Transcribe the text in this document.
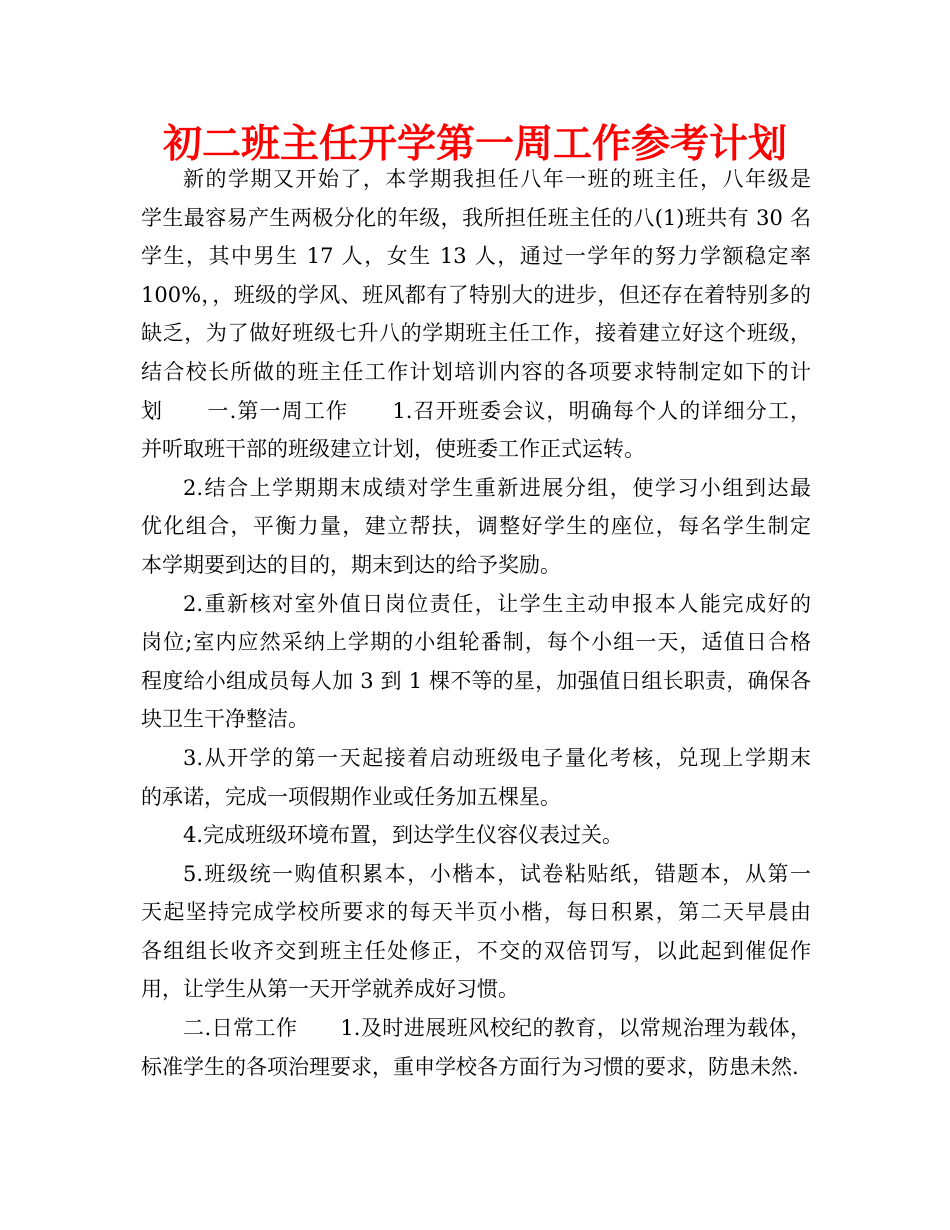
初二班主任开学第一周工作参考计划
新的学期又开始了，本学期我担任八年一班的班主任，八年级是
学生最容易产生两极分化的年级，我所担任班主任的八(1)班共有 30 名
学生，其中男生 17 人，女生 13 人，通过一学年的努力学额稳定率
100%，，班级的学风、班风都有了特别大的进步，但还存在着特别多的
缺乏，为了做好班级七升八的学期班主任工作，接着建立好这个班级，
结合校长所做的班主任工作计划培训内容的各项要求特制定如下的计
划　　一.第一周工作　　1.召开班委会议，明确每个人的详细分工，
并听取班干部的班级建立计划，使班委工作正式运转。
2.结合上学期期末成绩对学生重新进展分组，使学习小组到达最
优化组合，平衡力量，建立帮扶，调整好学生的座位，每名学生制定
本学期要到达的目的，期末到达的给予奖励。
2.重新核对室外值日岗位责任，让学生主动申报本人能完成好的
岗位;室内应然采纳上学期的小组轮番制，每个小组一天，适值日合格
程度给小组成员每人加 3 到 1 棵不等的星，加强值日组长职责，确保各
块卫生干净整洁。
3.从开学的第一天起接着启动班级电子量化考核，兑现上学期末
的承诺，完成一项假期作业或任务加五棵星。
4.完成班级环境布置，到达学生仪容仪表过关。
5.班级统一购值积累本，小楷本，试卷粘贴纸，错题本，从第一
天起坚持完成学校所要求的每天半页小楷，每日积累，第二天早晨由
各组组长收齐交到班主任处修正，不交的双倍罚写，以此起到催促作
用，让学生从第一天开学就养成好习惯。
二.日常工作　　1.及时进展班风校纪的教育，以常规治理为载体，
标准学生的各项治理要求，重申学校各方面行为习惯的要求，防患未然.
